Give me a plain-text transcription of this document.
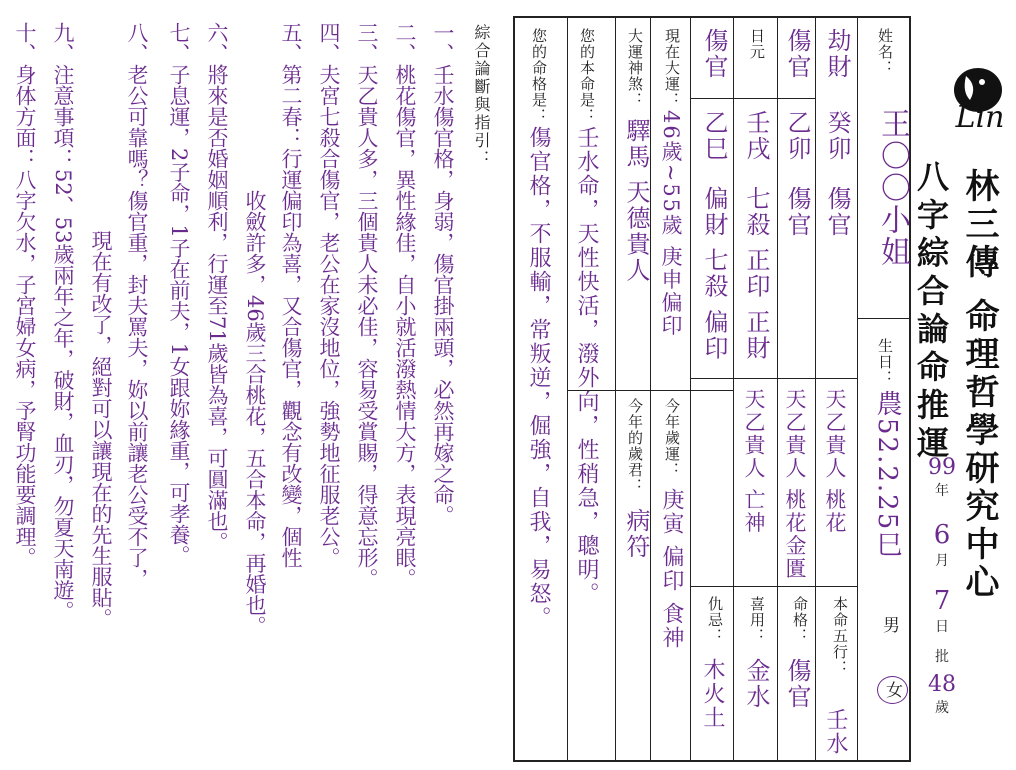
Lin
林三傳 命理哲學研究中心
八字綜合論命推運
99
年
6
月
7
日
批
48
歲
姓名：
王〇〇小姐
生日：
農52.2.25巳
男
女
劫財
癸卯
傷官
天乙貴人 桃花
本命五行：
壬水
傷官
乙卯
傷官
天乙貴人 桃花金匱
命格：
傷官
日元
壬戌
七殺 正印 正財
天乙貴人 亡神
喜用：
金水
傷官
乙巳
偏財 七殺 偏印
仇忌：
木火土
現在大運：
46歲~55歲 庚申偏印
今年歲運：
庚寅 偏印 食神
大運神煞：
驛馬 天德貴人
今年的歲君：
病符
您的本命是：
壬水命，天性快活，潑外向，性稍急，聰明。
您的命格是：
傷官格，不服輸，常叛逆，倔強，自我，易怒。
綜合論斷與指引：
一、壬水傷官格，身弱，傷官掛兩頭，必然再嫁之命。
二、桃花傷官，異性緣佳，自小就活潑熱情大方，表現亮眼。
三、天乙貴人多，三個貴人未必佳，容易受賞賜，得意忘形。
四、夫宮七殺合傷官，老公在家沒地位，強勢地征服老公。
五、第二春：行運偏印為喜，又合傷官，觀念有改變，個性
收斂許多，46歲三合桃花，五合本命，再婚也。
六、將來是否婚姻順利，行運至71歲皆為喜，可圓滿也。
七、子息運，2子命，1子在前夫，1女跟妳緣重，可孝養。
八、老公可靠嗎？傷官重，封夫罵夫，妳以前讓老公受不了，
現在有改了，絕對可以讓現在的先生服貼。
九、注意事項：52、53歲兩年之年，破財，血刃，勿夏天南遊。
十、身体方面：八字欠水，子宮婦女病，予腎功能要調理。
